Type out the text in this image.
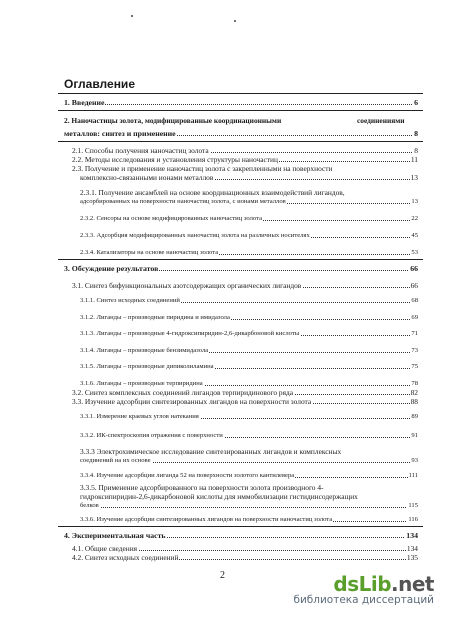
Оглавление
1. Введение	6
2. Наночастицы золота, модифицированные координационными	соединениями
металлов: синтез и применение	8
2.1. Способы получения наночастиц золота	8
2.2. Методы исследования и установления структуры наночастиц	11
2.3. Получение и применение наночастиц золота с закрепленными на поверхности
комплексно-связанными ионами металлов	13
2.3.1. Получение ансамблей на основе координационных взаимодействий лигандов,
адсорбированных на поверхности наночастиц золота, с ионами металлов	13
2.3.2. Сенсоры на основе модифицированных наночастиц золота	22
2.3.3. Адсорбция модифицированных наночастиц золота на различных носителях	45
2.3.4. Катализаторы на основе наночастиц золота	53
3. Обсуждение результатов	66
3.1. Синтез бифункциональных азотсодержащих органических лигандов	66
3.1.1. Синтез исходных соединений	68
3.1.2. Лиганды – производные пиридина и имидазола	69
3.1.3. Лиганды – производные 4-гидроксипиридин-2,6-дикарбоновой кислоты	71
3.1.4. Лиганды – производные бензимидазола	73
3.1.5. Лиганды – производные дипиколиламина	75
3.1.6. Лиганды – производные терпиридина	78
3.2. Синтез комплексных соединений лигандов терпиридинового ряда	82
3.3. Изучение адсорбции синтезированных лигандов на поверхности золота	88
3.3.1. Измерение краевых углов натекания	89
3.3.2. ИК-спектроскопия отражения с поверхности	91
3.3.3 Электрохимическое исследование синтезированных лигандов и комплексных
соединений на их основе	93
3.3.4. Изучение адсорбции лиганда 52 на поверхности золотого кантилевера	111
3.3.5. Применение адсорбированного на поверхности золота производного 4-
гидроксипиридин-2,6-дикарбоновой кислоты для иммобилизации гистидинсодержащих
белков	115
3.3.6. Изучение адсорбции синтезированных лигандов на поверхности наночастиц золота	116
4. Экспериментальная часть	134
4.1. Общие сведения	134
4.2. Синтез исходных соединений	135
2	dsLib.net
библиотека диссертаций
